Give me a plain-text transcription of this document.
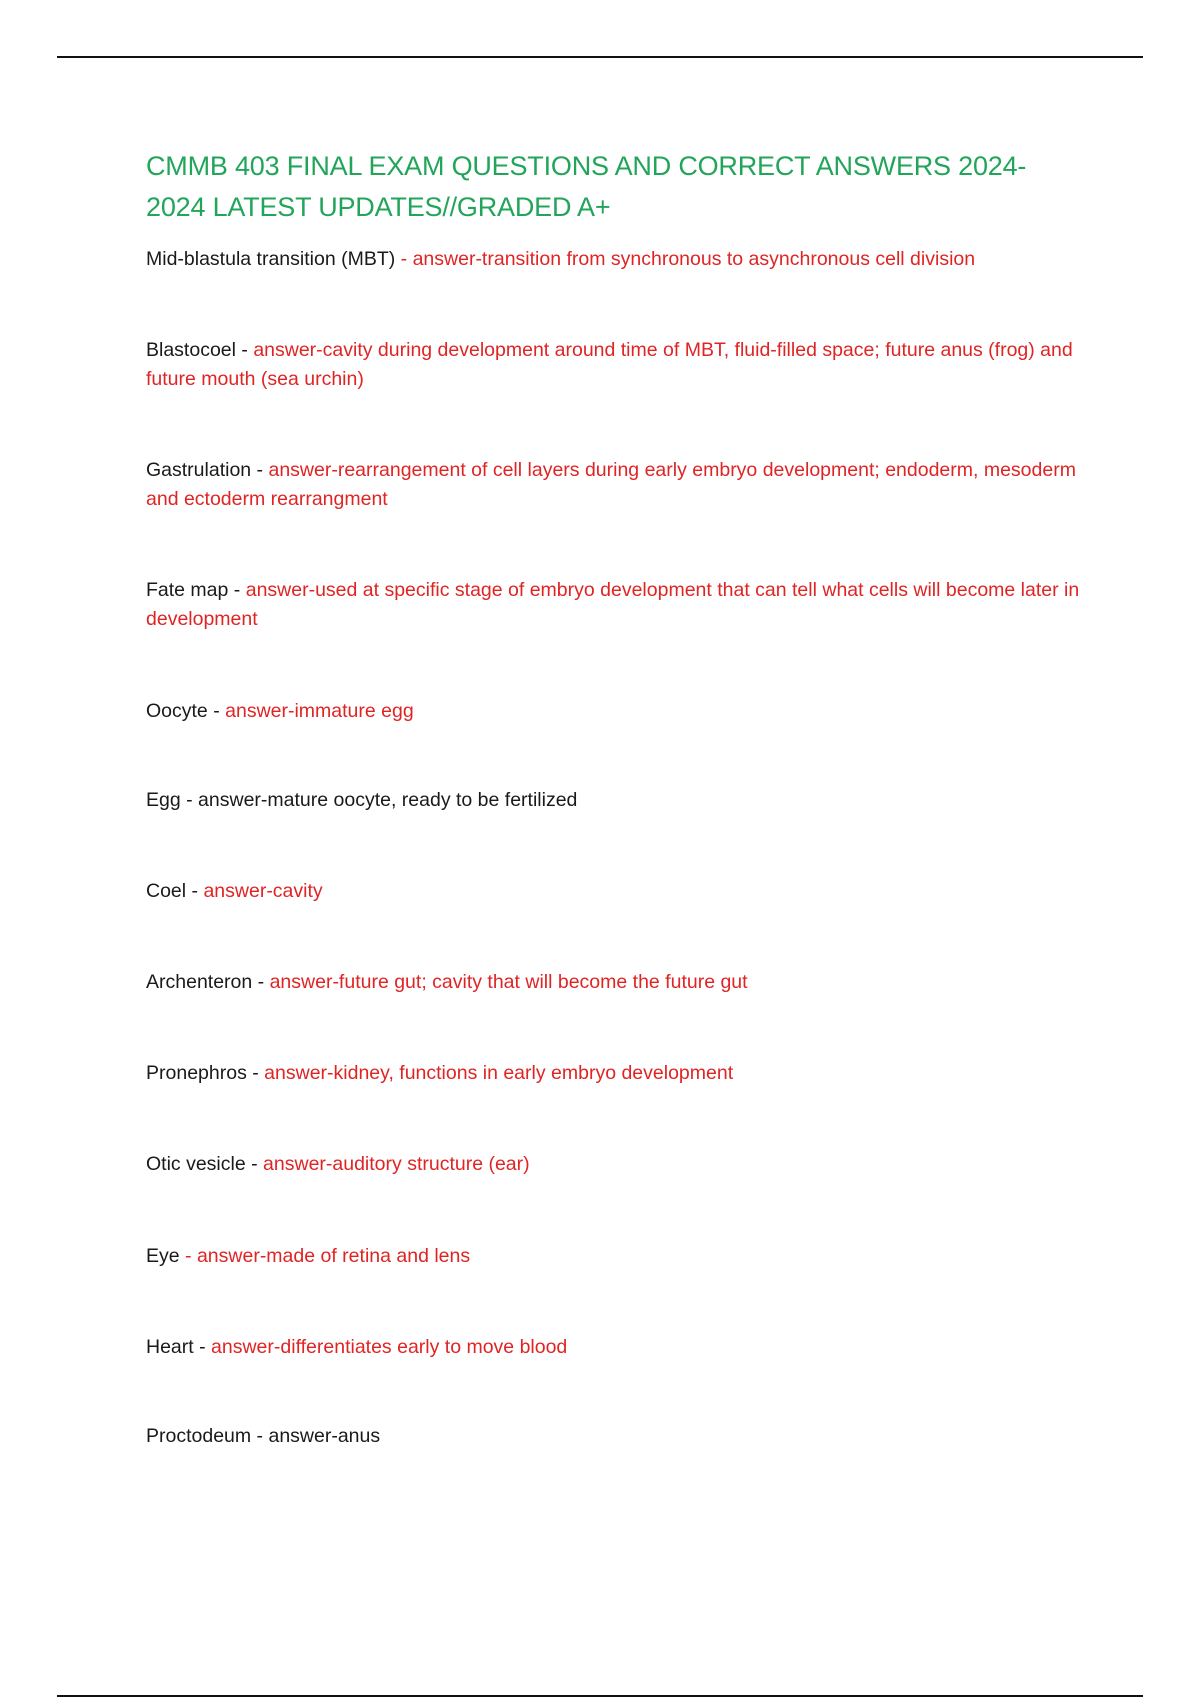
CMMB 403 FINAL EXAM QUESTIONS AND CORRECT ANSWERS 2024-2024 LATEST UPDATES//GRADED A+
Mid-blastula transition (MBT) - answer-transition from synchronous to asynchronous cell division
Blastocoel - answer-cavity during development around time of MBT, fluid-filled space; future anus (frog) and future mouth (sea urchin)
Gastrulation - answer-rearrangement of cell layers during early embryo development; endoderm, mesoderm and ectoderm rearrangment
Fate map - answer-used at specific stage of embryo development that can tell what cells will become later in development
Oocyte - answer-immature egg
Egg - answer-mature oocyte, ready to be fertilized
Coel - answer-cavity
Archenteron - answer-future gut; cavity that will become the future gut
Pronephros - answer-kidney, functions in early embryo development
Otic vesicle - answer-auditory structure (ear)
Eye - answer-made of retina and lens
Heart - answer-differentiates early to move blood
Proctodeum - answer-anus
